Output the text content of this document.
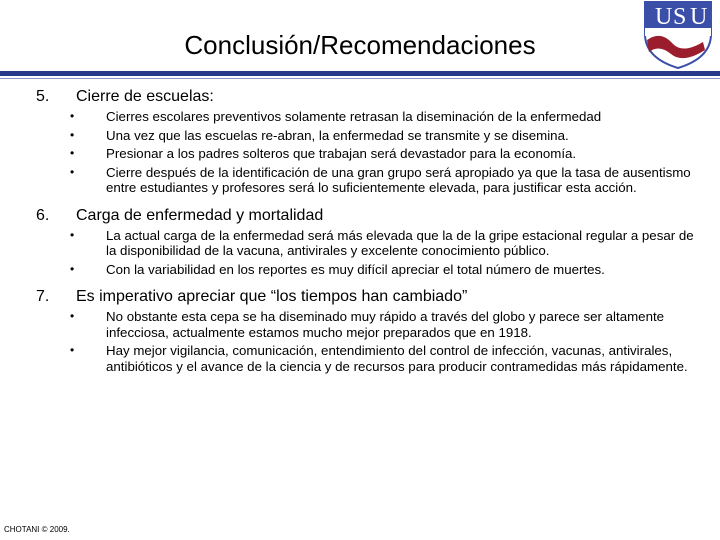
U S U
Conclusión/Recomendaciones
5.	Cierre de escuelas:
•	Cierres escolares preventivos solamente retrasan la diseminación de la enfermedad
•	Una vez que las escuelas re-abran, la enfermedad se transmite y se disemina.
•	Presionar a los padres solteros que trabajan será devastador para la economía.
•	Cierre después de la identificación de una gran grupo será apropiado ya que la tasa de ausentismo entre estudiantes y profesores será lo suficientemente elevada, para justificar esta acción.
6.	Carga de enfermedad y mortalidad
•	La actual carga de la enfermedad será más elevada que la de la gripe estacional regular a pesar de la disponibilidad de la vacuna, antivirales y excelente conocimiento público.
•	Con la variabilidad en los reportes es muy difícil apreciar el total número de muertes.
7.	Es imperativo apreciar que “los tiempos han cambiado”
•	No obstante esta cepa se ha diseminado muy rápido a través del globo y parece ser altamente infecciosa, actualmente estamos mucho mejor preparados que en 1918.
•	Hay mejor vigilancia, comunicación, entendimiento del control de infección, vacunas, antivirales, antibióticos y el avance de la ciencia y de recursos para producir contramedidas más rápidamente.
CHOTANI © 2009.
